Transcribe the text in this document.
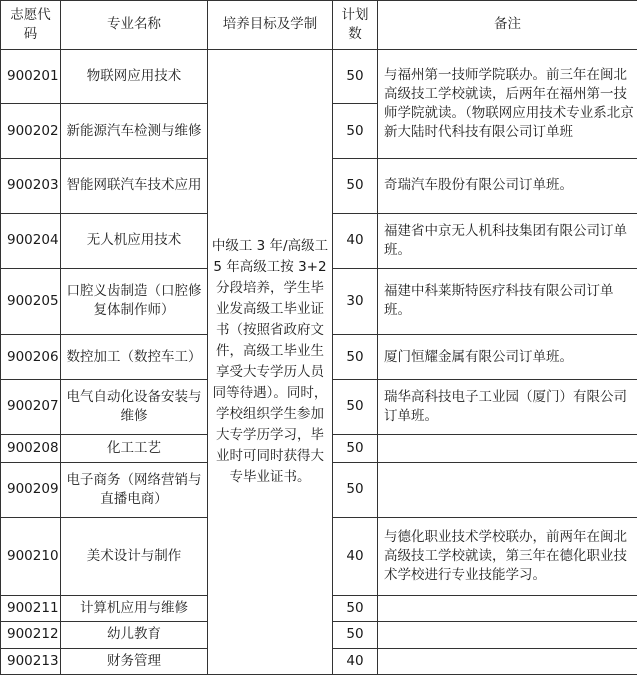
志愿代码	专业名称	培养目标及学制	计划数	备注
900201	物联网应用技术	中级工 3 年/高级工 5 年高级工按 3+2 分段培养，学生毕业发高级工毕业证书（按照省政府文件，高级工毕业生享受大专学历人员同等待遇）。同时，学校组织学生参加大专学历学习，毕业时可同时获得大专毕业证书。	50	与福州第一技师学院联办。前三年在闽北高级技工学校就读，后两年在福州第一技师学院就读。（物联网应用技术专业系北京新大陆时代科技有限公司订单班
900202	新能源汽车检测与维修		50	
900203	智能网联汽车技术应用		50	奇瑞汽车股份有限公司订单班。
900204	无人机应用技术		40	福建省中京无人机科技集团有限公司订单班。
900205	口腔义齿制造（口腔修复体制作师）		30	福建中科莱斯特医疗科技有限公司订单班。
900206	数控加工（数控车工）		50	厦门恒耀金属有限公司订单班。
900207	电气自动化设备安装与维修		50	瑞华高科技电子工业园（厦门）有限公司订单班。
900208	化工工艺		50	
900209	电子商务（网络营销与直播电商）		50	
900210	美术设计与制作		40	与德化职业技术学校联办，前两年在闽北高级技工学校就读，第三年在德化职业技术学校进行专业技能学习。
900211	计算机应用与维修		50	
900212	幼儿教育		50	
900213	财务管理		40	
